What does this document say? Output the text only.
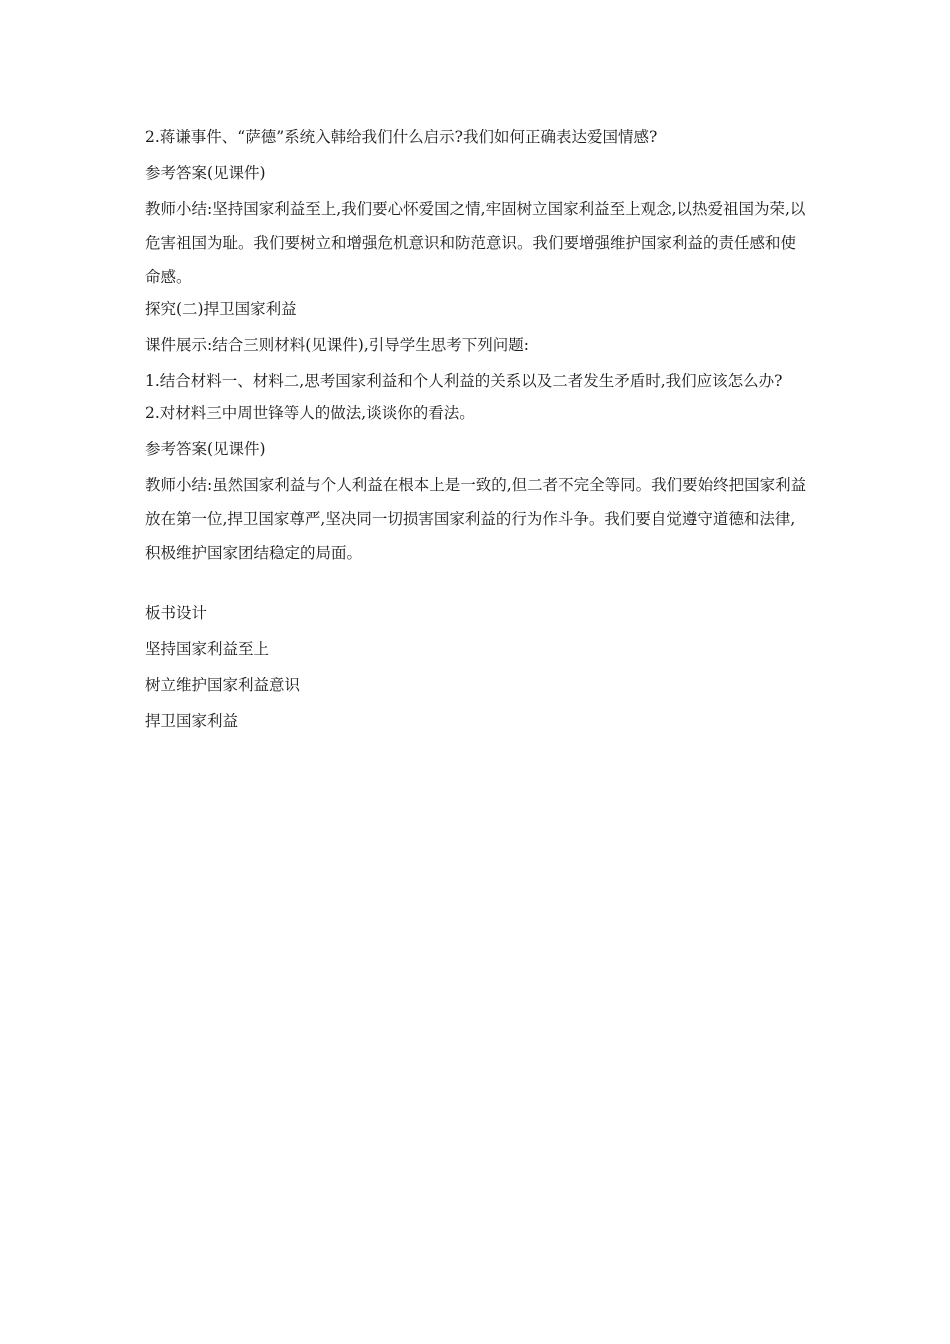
2.蒋谦事件、“萨德”系统入韩给我们什么启示?我们如何正确表达爱国情感?

参考答案(见课件)

教师小结:坚持国家利益至上,我们要心怀爱国之情,牢固树立国家利益至上观念,以热爱祖国为荣,以危害祖国为耻。我们要树立和增强危机意识和防范意识。我们要增强维护国家利益的责任感和使命感。

探究(二)捍卫国家利益

课件展示:结合三则材料(见课件),引导学生思考下列问题:

1.结合材料一、材料二,思考国家利益和个人利益的关系以及二者发生矛盾时,我们应该怎么办?

2.对材料三中周世锋等人的做法,谈谈你的看法。

参考答案(见课件)

教师小结:虽然国家利益与个人利益在根本上是一致的,但二者不完全等同。我们要始终把国家利益放在第一位,捍卫国家尊严,坚决同一切损害国家利益的行为作斗争。我们要自觉遵守道德和法律,积极维护国家团结稳定的局面。

板书设计

坚持国家利益至上

树立维护国家利益意识

捍卫国家利益
